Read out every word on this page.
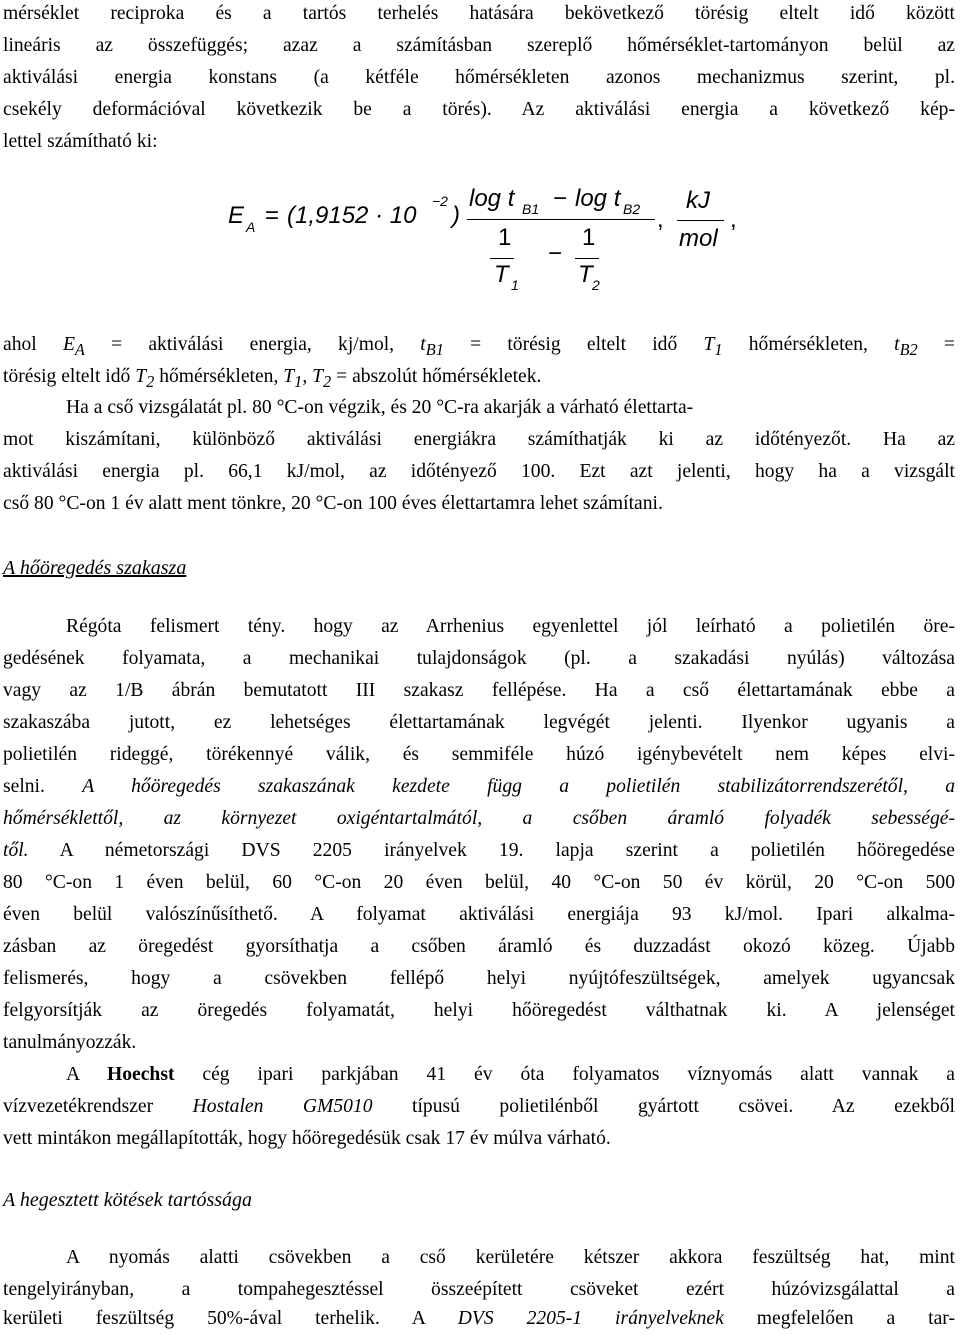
mérséklet reciproka és a tartós terhelés hatására bekövetkező törésig eltelt idő között
lineáris az összefüggés; azaz a számításban szereplő hőmérséklet-tartományon belül az
aktiválási energia konstans (a kétféle hőmérsékleten azonos mechanizmus szerint, pl.
csekély deformációval következik be a törés). Az aktiválási energia a következő kép-
lettel számítható ki:
E A = (1,9152 · 10
−2
)
log t B1 − log t B2
1
T 1
−
1
T 2
,
kJ
mol
,
ahol $E_A$ = aktiválási energia, kj/mol, $t_{B1}$ = törésig eltelt idő $T_1$ hőmérsékleten, $t_{B2}$ =
törésig eltelt idő $T_2$ hőmérsékleten, $T_1$, $T_2$ = abszolút hőmérsékletek.
Ha a cső vizsgálatát pl. 80 °C-on végzik, és 20 °C-ra akarják a várható élettarta-
mot kiszámítani, különböző aktiválási energiákra számíthatják ki az időtényezőt. Ha az
aktiválási energia pl. 66,1 kJ/mol, az időtényező 100. Ezt azt jelenti, hogy ha a vizsgált
cső 80 °C-on 1 év alatt ment tönkre, 20 °C-on 100 éves élettartamra lehet számítani.
A hőöregedés szakasza
Régóta felismert tény. hogy az Arrhenius egyenlettel jól leírható a polietilén öre-
gedésének folyamata, a mechanikai tulajdonságok (pl. a szakadási nyúlás) változása
vagy az 1/B ábrán bemutatott III szakasz fellépése. Ha a cső élettartamának ebbe a
szakaszába jutott, ez lehetséges élettartamának legvégét jelenti. Ilyenkor ugyanis a
polietilén rideggé, törékennyé válik, és semmiféle húzó igénybevételt nem képes elvi-
selni. A hőöregedés szakaszának kezdete függ a polietilén stabilizátorrendszerétől, a
hőmérséklettől, az környezet oxigéntartalmától, a csőben áramló folyadék sebességé-
től. A németországi DVS 2205 irányelvek 19. lapja szerint a polietilén hőöregedése
80 °C-on 1 éven belül, 60 °C-on 20 éven belül, 40 °C-on 50 év körül, 20 °C-on 500
éven belül valószínűsíthető. A folyamat aktiválási energiája 93 kJ/mol. Ipari alkalma-
zásban az öregedést gyorsíthatja a csőben áramló és duzzadást okozó közeg. Újabb
felismerés, hogy a csövekben fellépő helyi nyújtófeszültségek, amelyek ugyancsak
felgyorsítják az öregedés folyamatát, helyi hőöregedést válthatnak ki. A jelenséget
tanulmányozzák.
A Hoechst cég ipari parkjában 41 év óta folyamatos víznyomás alatt vannak a
vízvezetékrendszer Hostalen GM5010 típusú polietilénből gyártott csövei. Az ezekből
vett mintákon megállapították, hogy hőöregedésük csak 17 év múlva várható.
A hegesztett kötések tartóssága
A nyomás alatti csövekben a cső kerületére kétszer akkora feszültség hat, mint
tengelyirányban, a tompahegesztéssel összeépített csöveket ezért húzóvizsgálattal a
kerületi feszültség 50%-ával terhelik. A DVS 2205-1 irányelveknek megfelelően a tar-
